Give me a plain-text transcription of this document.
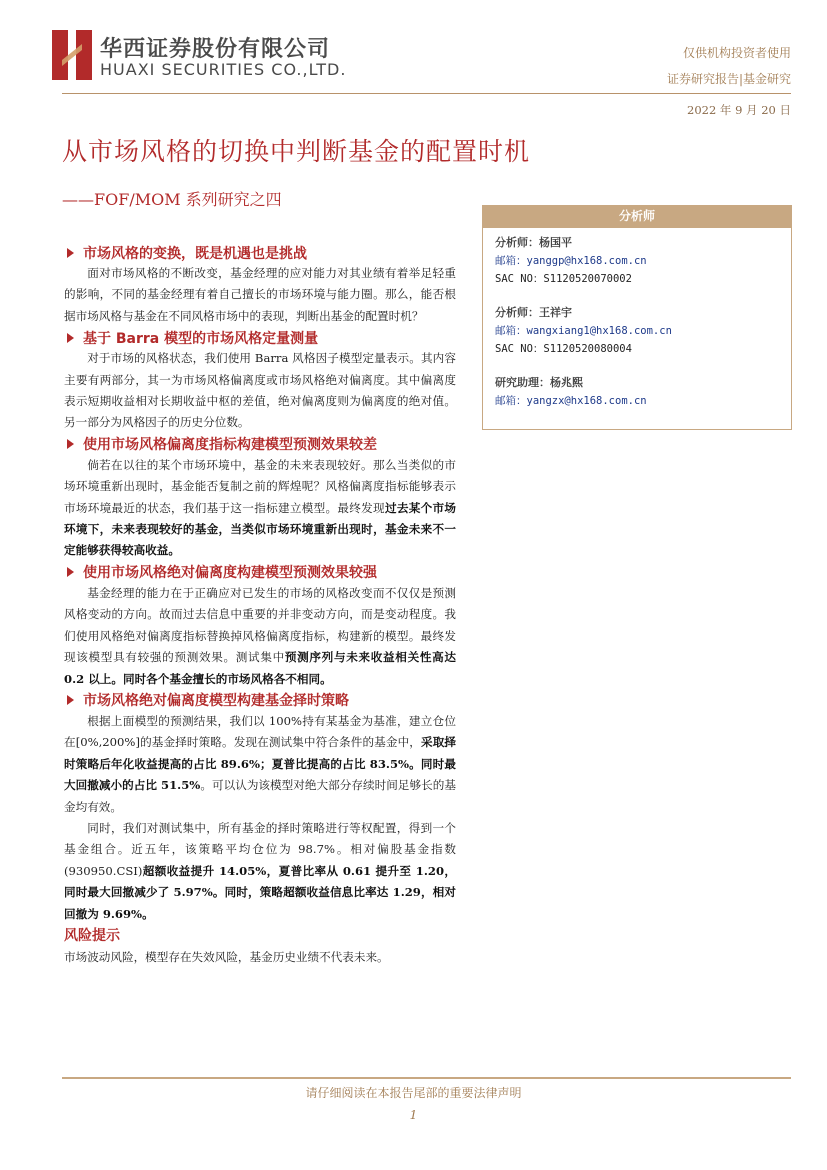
华西证券股份有限公司
HUAXI SECURITIES CO.,LTD.
仅供机构投资者使用
证券研究报告|基金研究
2022 年 9 月 20 日
从市场风格的切换中判断基金的配置时机
——FOF/MOM 系列研究之四
市场风格的变换，既是机遇也是挑战
面对市场风格的不断改变，基金经理的应对能力对其业绩有着举足轻重的影响，不同的基金经理有着自己擅长的市场环境与能力圈。那么，能否根据市场风格与基金在不同风格市场中的表现，判断出基金的配置时机？
基于 Barra 模型的市场风格定量测量
对于市场的风格状态，我们使用 Barra 风格因子模型定量表示。其内容主要有两部分，其一为市场风格偏离度或市场风格绝对偏离度。其中偏离度表示短期收益相对长期收益中枢的差值，绝对偏离度则为偏离度的绝对值。另一部分为风格因子的历史分位数。
使用市场风格偏离度指标构建模型预测效果较差
倘若在以往的某个市场环境中，基金的未来表现较好。那么当类似的市场环境重新出现时，基金能否复制之前的辉煌呢？风格偏离度指标能够表示市场环境最近的状态，我们基于这一指标建立模型。最终发现过去某个市场环境下，未来表现较好的基金，当类似市场环境重新出现时，基金未来不一定能够获得较高收益。
使用市场风格绝对偏离度构建模型预测效果较强
基金经理的能力在于正确应对已发生的市场的风格改变而不仅仅是预测风格变动的方向。故而过去信息中重要的并非变动方向，而是变动程度。我们使用风格绝对偏离度指标替换掉风格偏离度指标，构建新的模型。最终发现该模型具有较强的预测效果。测试集中预测序列与未来收益相关性高达 0.2 以上。同时各个基金擅长的市场风格各不相同。
市场风格绝对偏离度模型构建基金择时策略
根据上面模型的预测结果，我们以 100%持有某基金为基准，建立仓位在[0%,200%]的基金择时策略。发现在测试集中符合条件的基金中，采取择时策略后年化收益提高的占比 89.6%；夏普比提高的占比 83.5%。同时最大回撤减小的占比 51.5%。可以认为该模型对绝大部分存续时间足够长的基金均有效。
同时，我们对测试集中，所有基金的择时策略进行等权配置，得到一个基金组合。近五年，该策略平均仓位为 98.7%。相对偏股基金指数(930950.CSI)超额收益提升 14.05%，夏普比率从 0.61 提升至 1.20，同时最大回撤减少了 5.97%。同时，策略超额收益信息比率达 1.29，相对回撤为 9.69%。
风险提示
市场波动风险，模型存在失效风险，基金历史业绩不代表未来。
分析师
分析师：杨国平
邮箱：yanggp@hx168.com.cn
SAC NO：S1120520070002
分析师：王祥宇
邮箱：wangxiang1@hx168.com.cn
SAC NO：S1120520080004
研究助理：杨兆熙
邮箱：yangzx@hx168.com.cn
请仔细阅读在本报告尾部的重要法律声明
1
